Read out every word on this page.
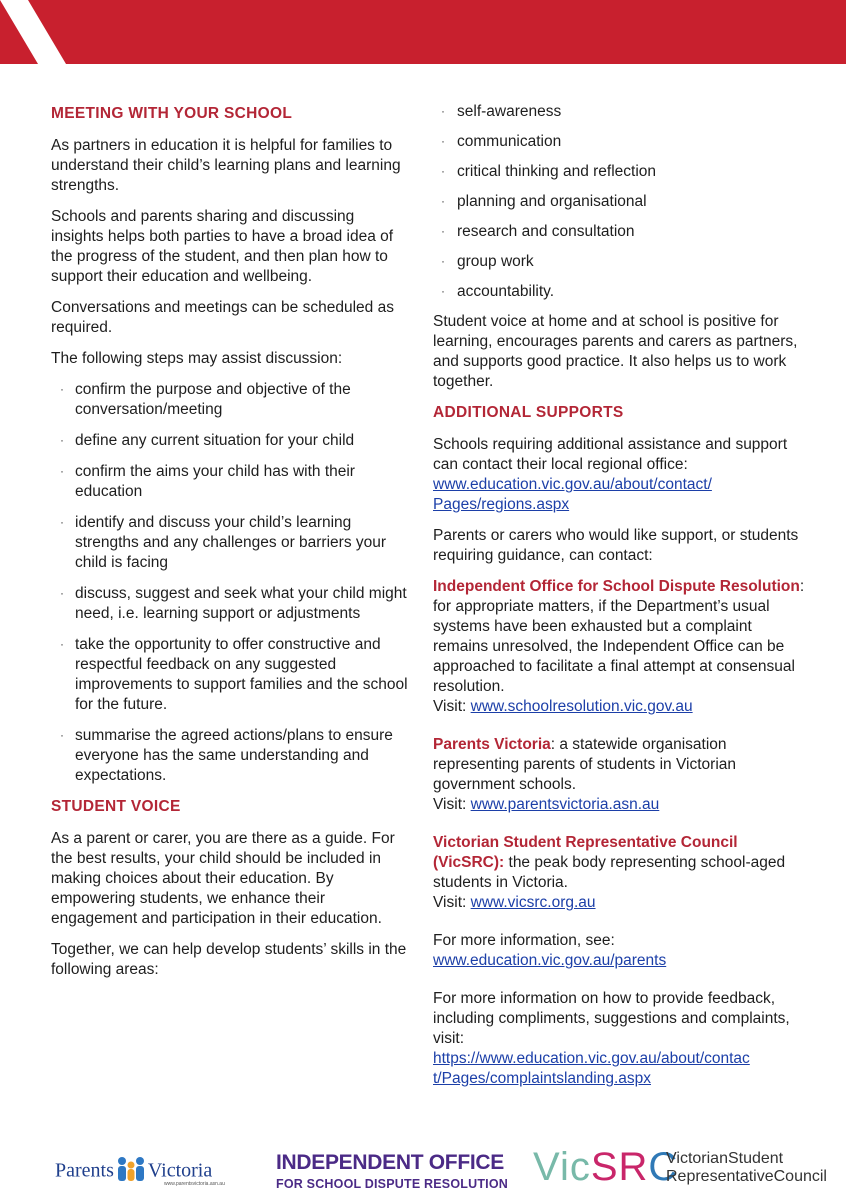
MEETING WITH YOUR SCHOOL

As partners in education it is helpful for families to understand their child’s learning plans and learning strengths.

Schools and parents sharing and discussing insights helps both parties to have a broad idea of the progress of the student, and then plan how to support their education and wellbeing.

Conversations and meetings can be scheduled as required.

The following steps may assist discussion:

· confirm the purpose and objective of the conversation/meeting
· define any current situation for your child
· confirm the aims your child has with their education
· identify and discuss your child’s learning strengths and any challenges or barriers your child is facing
· discuss, suggest and seek what your child might need, i.e. learning support or adjustments
· take the opportunity to offer constructive and respectful feedback on any suggested improvements to support families and the school for the future.
· summarise the agreed actions/plans to ensure everyone has the same understanding and expectations.
STUDENT VOICE

As a parent or carer, you are there as a guide. For the best results, your child should be included in making choices about their education. By empowering students, we enhance their engagement and participation in their education.

Together, we can help develop students’ skills in the following areas:

· self-awareness
· communication
· critical thinking and reflection
· planning and organisational
· research and consultation
· group work
· accountability.

Student voice at home and at school is positive for learning, encourages parents and carers as partners, and supports good practice. It also helps us to work together.

ADDITIONAL SUPPORTS

Schools requiring additional assistance and support can contact their local regional office:
www.education.vic.gov.au/about/contact/
Pages/regions.aspx

Parents or carers who would like support, or students requiring guidance, can contact:

Independent Office for School Dispute Resolution: for appropriate matters, if the Department’s usual systems have been exhausted but a complaint remains unresolved, the Independent Office can be approached to facilitate a final attempt at consensual resolution.
Visit: www.schoolresolution.vic.gov.au

Parents Victoria: a statewide organisation representing parents of students in Victorian government schools.
Visit: www.parentsvictoria.asn.au

Victorian Student Representative Council (VicSRC): the peak body representing school-aged students in Victoria.
Visit: www.vicsrc.org.au

For more information, see:
www.education.vic.gov.au/parents

For more information on how to provide feedback, including compliments, suggestions and complaints, visit:
https://www.education.vic.gov.au/about/contac
t/Pages/complaintslanding.aspx

Parents Victoria
www.parentsvictoria.asn.au
INDEPENDENT OFFICE
FOR SCHOOL DISPUTE RESOLUTION VicSRC
VictorianStudent
RepresentativeCouncil
